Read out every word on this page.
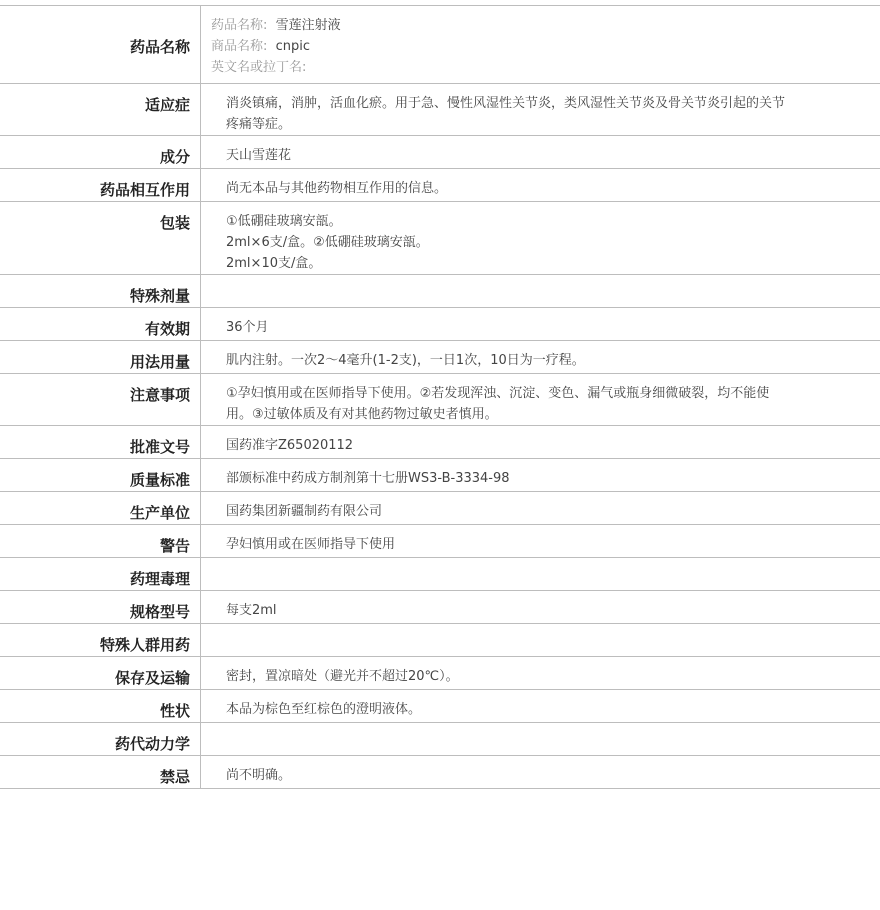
药品名称
药品名称: 雪莲注射液
商品名称: cnpic
英文名或拉丁名:
适应症	消炎镇痛，消肿，活血化瘀。用于急、慢性风湿性关节炎，类风湿性关节炎及骨关节炎引起的关节疼痛等症。
成分	天山雪莲花
药品相互作用	尚无本品与其他药物相互作用的信息。
包装	①低硼硅玻璃安瓿。
2ml×6支/盒。②低硼硅玻璃安瓿。
2ml×10支/盒。
特殊剂量
有效期	36个月
用法用量	肌内注射。一次2～4毫升(1-2支)，一日1次，10日为一疗程。
注意事项	①孕妇慎用或在医师指导下使用。②若发现浑浊、沉淀、变色、漏气或瓶身细微破裂，均不能使用。③过敏体质及有对其他药物过敏史者慎用。
批准文号	国药准字Z65020112
质量标准	部颁标准中药成方制剂第十七册WS3-B-3334-98
生产单位	国药集团新疆制药有限公司
警告	孕妇慎用或在医师指导下使用
药理毒理
规格型号	每支2ml
特殊人群用药
保存及运输	密封，置凉暗处（避光并不超过20℃）。
性状	本品为棕色至红棕色的澄明液体。
药代动力学
禁忌	尚不明确。
